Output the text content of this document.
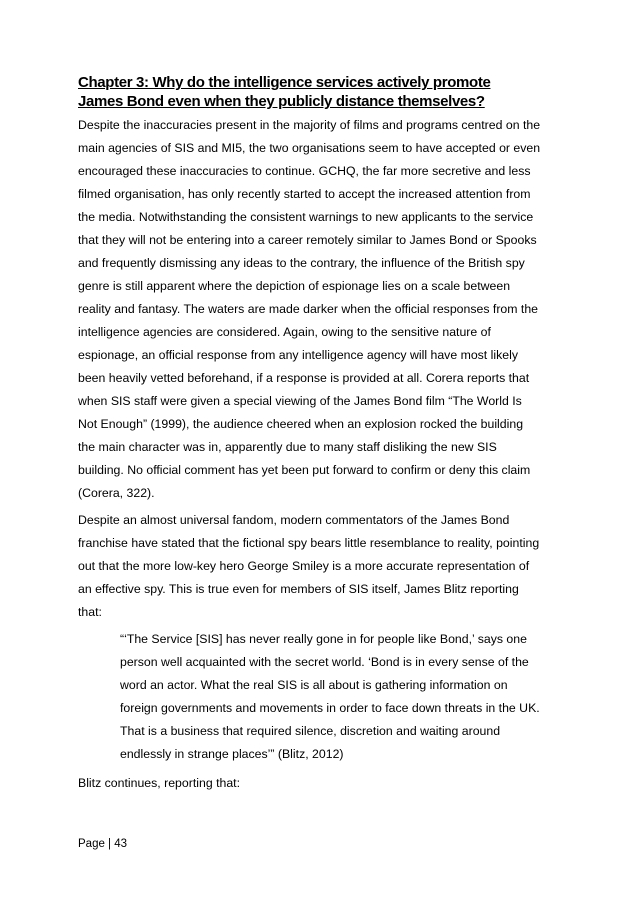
Chapter 3: Why do the intelligence services actively promote
James Bond even when they publicly distance themselves?

Despite the inaccuracies present in the majority of films and programs centred on the
main agencies of SIS and MI5, the two organisations seem to have accepted or even
encouraged these inaccuracies to continue. GCHQ, the far more secretive and less
filmed organisation, has only recently started to accept the increased attention from
the media. Notwithstanding the consistent warnings to new applicants to the service
that they will not be entering into a career remotely similar to James Bond or Spooks
and frequently dismissing any ideas to the contrary, the influence of the British spy
genre is still apparent where the depiction of espionage lies on a scale between
reality and fantasy. The waters are made darker when the official responses from the
intelligence agencies are considered. Again, owing to the sensitive nature of
espionage, an official response from any intelligence agency will have most likely
been heavily vetted beforehand, if a response is provided at all. Corera reports that
when SIS staff were given a special viewing of the James Bond film “The World Is
Not Enough” (1999), the audience cheered when an explosion rocked the building
the main character was in, apparently due to many staff disliking the new SIS
building. No official comment has yet been put forward to confirm or deny this claim
(Corera, 322).

Despite an almost universal fandom, modern commentators of the James Bond
franchise have stated that the fictional spy bears little resemblance to reality, pointing
out that the more low-key hero George Smiley is a more accurate representation of
an effective spy. This is true even for members of SIS itself, James Blitz reporting
that:

“‘The Service [SIS] has never really gone in for people like Bond,’ says one
person well acquainted with the secret world. ‘Bond is in every sense of the
word an actor. What the real SIS is all about is gathering information on
foreign governments and movements in order to face down threats in the UK.
That is a business that required silence, discretion and waiting around
endlessly in strange places’” (Blitz, 2012)

Blitz continues, reporting that:

Page | 43
